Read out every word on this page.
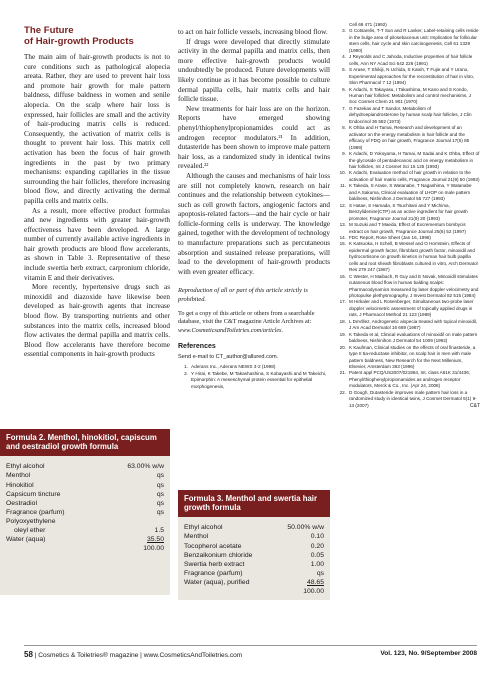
The Future
of Hair-growth Products

The main aim of hair-growth products is not to cure conditions such as pathological alopecia areata. Rather, they are used to prevent hair loss and promote hair growth for male pattern baldness, diffuse baldness in women and senile alopecia. On the scalp where hair loss is expressed, hair follicles are small and the activity of hair-producing matrix cells is reduced. Consequently, the activation of matrix cells is thought to prevent hair loss. This matrix cell activation has been the focus of hair growth ingredients in the past by two primary mechanisms: expanding capillaries in the tissue surrounding the hair follicles, therefore increasing blood flow, and directly activating the dermal papilla cells and matrix cells.

As a result, more effective product formulas and new ingredients with greater hair-growth effectiveness have been developed. A large number of currently available active ingredients in hair growth products are blood flow accelerants, as shown in Table 3. Representative of these include swertia herb extract, carpronium chloride, vitamin E and their derivatives.

More recently, hypertensive drugs such as minoxidil and diazoxide have likewise been developed as hair-growth agents that increase blood flow. By transporting nutrients and other substances into the matrix cells, increased blood flow activates the dermal papilla and matrix cells. Blood flow accelerants have therefore become essential components in hair-growth products

Formula 2. Menthol, hinokitiol, capiscum and oestradiol growth formula
Ethyl alcohol	63.00% w/w
Menthol	qs
Hinokitiol	qs
Capsicum tincture	qs
Oestradiol	qs
Fragrance (parfum)	qs
Polyoxyethylene
oleyl ether	1.5
Water (aqua)	35.50
100.00

to act on hair follicle vessels, increasing blood flow.

If drugs were developed that directly stimulate activity in the dermal papilla and matrix cells, then more effective hair-growth products would undoubtedly be produced. Future developments will likely continue as it has become possible to culture dermal papilla cells, hair matrix cells and hair follicle tissue.

New treatments for hair loss are on the horizon. Reports have emerged showing phenyl/thiophenylpropionamides could act as androgen receptor modulators.²¹ In addition, dutasteride has been shown to improve male pattern hair loss, as a randomized study in identical twins revealed.²²

Although the causes and mechanisms of hair loss are still not completely known, research on hair continues and the relationship between cytokines—such as cell growth factors, angiogenic factors and apoptosis-related factors—and the hair cycle or hair follicle-forming cells is underway. The knowledge gained, together with the development of technology to manufacture preparations such as percutaneous absorption and sustained release preparations, will lead to the development of hair-growth products with even greater efficacy.

Reproduction of all or part of this article strictly is prohibited.
To get a copy of this article or others from a searchable database, visit the C&T magazine Article Archives at: www.CosmeticsandToiletries.com/articles.
References
Send e-mail to CT_author@allured.com.
1. Aderans Inc., Aderans NEWS 3-2 (1998)
2. Y Hirai, K Takebe, M Takashashina, S Kobayashi and M Takeichi, Epimorphin: A mesenchymal protein essential for epithelial morphogenesis,
Formula 3. Menthol and swertia hair growth formula
Ethyl alcohol	50.00% w/w
Menthol	0.10
Tocopherol acetate	0.20
Benzalkonium chloride	0.05
Swertia herb extract	1.00
Fragrance (parfum)	qs
Water (aqua), purified	48.65
100.00
Cell 69 471 (1992)
3. G Cotsarelis, T-T Sun and R Lavker, Label-retaining cells reside in the bulge area of pilosebaceous unit: Implication for follicular stem cells, hair cycle and skin carcinogenesis, Cell 61 1329 (1990)
4. J Reynolds and C Jahoda, Inductive properties of hair follicle cells, Ann NY Acad Sci 642 226 (1991)
5. S Arase, T Shikiji, N Uchida, S Katoh, T Fujie and Y Urano, Experimental approaches for the reconstitution of hair in vitro, Skin Pharmacol 7 12 (1994)
6. K Adachi, S Takayasu, I Takashima, M Kano and S Kondo, Human hair follicles: Metabolism and control mechanisms, J Soc Cosmet Chem 21 901 (1970)
7. G Fazekas and T Sandor, Metabolism of dehydroepiandrosterone by human scalp hair follicles, J Clin Endocrinol 36 582 (1973)
8. K Ohba and H Tamai, Research and development of an activator on the energy metabolism in hair follicle and the efficacy of FDQ on hair growth, Fragrance Journal 17(5) 85 (1989)
9. K Adachi, D Yokoyama, H Tamai, M Sadai and K Ohba, Effect of the glycoside of pentadecanoic acid on energy metabolism in hair follicles, Int J Cosmet Sci 15 125 (1993)
10. K Adachi, Evaluation method of hair growth in relation to the activation of hair matrix cells, Fragrance Journal 21(9) 50 (1993)
11. K Takeda, S Arase, S Watanabe, T Nagashima, Y Watanabe and A Sakuma, Clinical evaluation of LHOP on male pattern baldness, Nishinihon J Dermatol 55 727 (1993)
12. S Hatae, S Hamada, S Tsuchitani and Y Michima, Benzylidenine(CTP) as an active ingredient for hair growth promoter, Fragrance Journal 21(9) 20 (1993)
13. M Suzuki and T Maeda, Effect of Excrementum bombycis extract on hair growth, Fragrance Journal 25(6) 52 (1997)
14. FDC Report, Rose Sheet (Jan 16, 1998)
15. K Katsuoka, H Schell, B Wessel and O Hornstein, Effects of epidermal growth factor, fibroblast growth factor, minoxidil and hydrocortisone on growth kinetics in human hair bulb papilla cells and root sheath fibroblasts cultured in vitro, Arch Dermatol Res 279 247 (1987)
16. C Wester, H Maibach, R Guy and E Novak, Minoxidil stimulates cutaneous blood flow in human balding scalps: Pharmacodynamics measured by laser doppler velocimetry and photopulse plethysmography, J Invest Dermatol 82 515 (1984)
17. M Hirkaler and L Rosenberger, Simultaneous two-probe laser doppler velocimetric assessment of topically applied drugs in rats, J Pharmacol Method 21 123 (1989)
18. L DeVillez, Androgenetic alopecia treated with topical minoxidil, J Am Acad Dermatol 16 669 (1987)
19. K Takeda et al, Clinical evaluations of minoxidil on male pattern baldness, Nishinihon J Dermatol 54 1009 (1992)
20. K Kaufman, Clinical studies on the effects of oral finasteride, a type II 5a-reductase inhibitor, on scalp hair in men with male pattern baldness, New Research for the Next Millenium, Elsevier, Amsterdam 363 (1996)
21. Patent appl PCQ/US2007/021984, Int. class A61K 31/4436, Phenyl/thiophenylpropionamides as androgen receptor modulators, Merck & Co., Inc. (Apr 24, 2008)
22. D Gough, Dutasteride improves male pattern hair loss in a randomized study in identical twins, J Cosmet Dermatol 6(1) 9-13 (2007)	C&T
58 | Cosmetics & Toiletries® magazine | www.CosmeticsAndToiletries.com	Vol. 123, No. 9/September 2008
